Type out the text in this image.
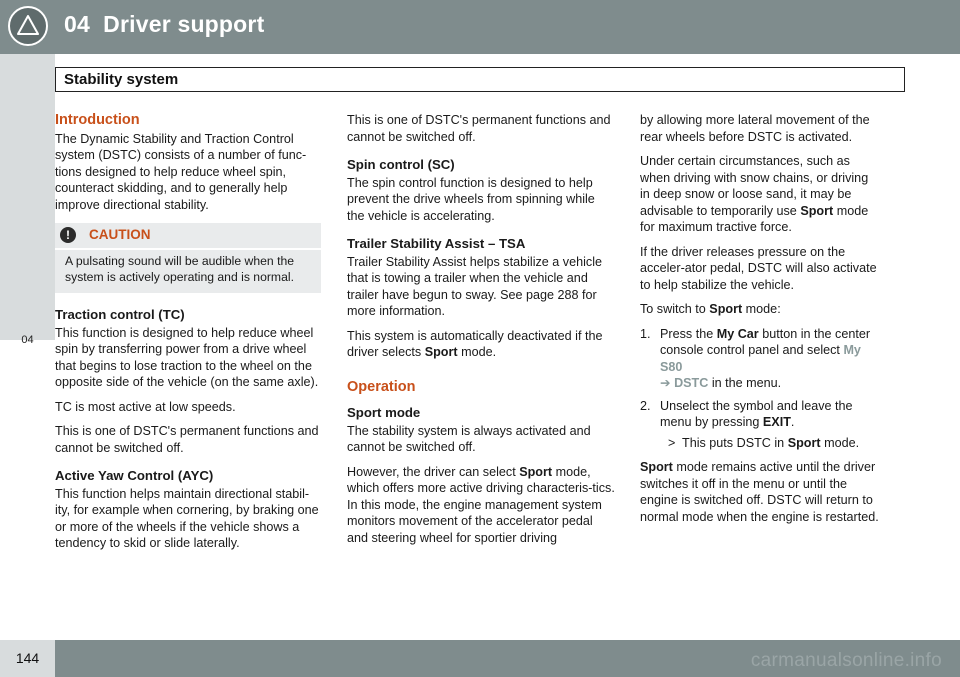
04 Driver support
04
Stability system
Introduction

The Dynamic Stability and Traction Control system (DSTC) consists of a number of func-tions designed to help reduce wheel spin, counteract skidding, and to generally help improve directional stability.

!	CAUTION
A pulsating sound will be audible when the system is actively operating and is normal.
Traction control (TC)

This function is designed to help reduce wheel spin by transferring power from a drive wheel that begins to lose traction to the wheel on the opposite side of the vehicle (on the same axle).

TC is most active at low speeds.

This is one of DSTC's permanent functions and cannot be switched off.

Active Yaw Control (AYC)

This function helps maintain directional stabil-ity, for example when cornering, by braking one or more of the wheels if the vehicle shows a tendency to skid or slide laterally.

This is one of DSTC's permanent functions and cannot be switched off.

Spin control (SC)

The spin control function is designed to help prevent the drive wheels from spinning while the vehicle is accelerating.

Trailer Stability Assist – TSA

Trailer Stability Assist helps stabilize a vehicle that is towing a trailer when the vehicle and trailer have begun to sway. See page 288 for more information.

This system is automatically deactivated if the driver selects Sport mode.

Operation
Sport mode

The stability system is always activated and cannot be switched off.

However, the driver can select Sport mode, which offers more active driving characteris-tics. In this mode, the engine management system monitors movement of the accelerator pedal and steering wheel for sportier driving

by allowing more lateral movement of the rear wheels before DSTC is activated.

Under certain circumstances, such as when driving with snow chains, or driving in deep snow or loose sand, it may be advisable to temporarily use Sport mode for maximum tractive force.

If the driver releases pressure on the acceler-ator pedal, DSTC will also activate to help stabilize the vehicle.

To switch to Sport mode:

1. Press the My Car button in the center console control panel and select My S80
➔ DSTC in the menu.
2. Unselect the symbol and leave the menu by pressing EXIT.
> This puts DSTC in Sport mode.

Sport mode remains active until the driver switches it off in the menu or until the engine is switched off. DSTC will return to normal mode when the engine is restarted.

144	carmanualsonline.info
